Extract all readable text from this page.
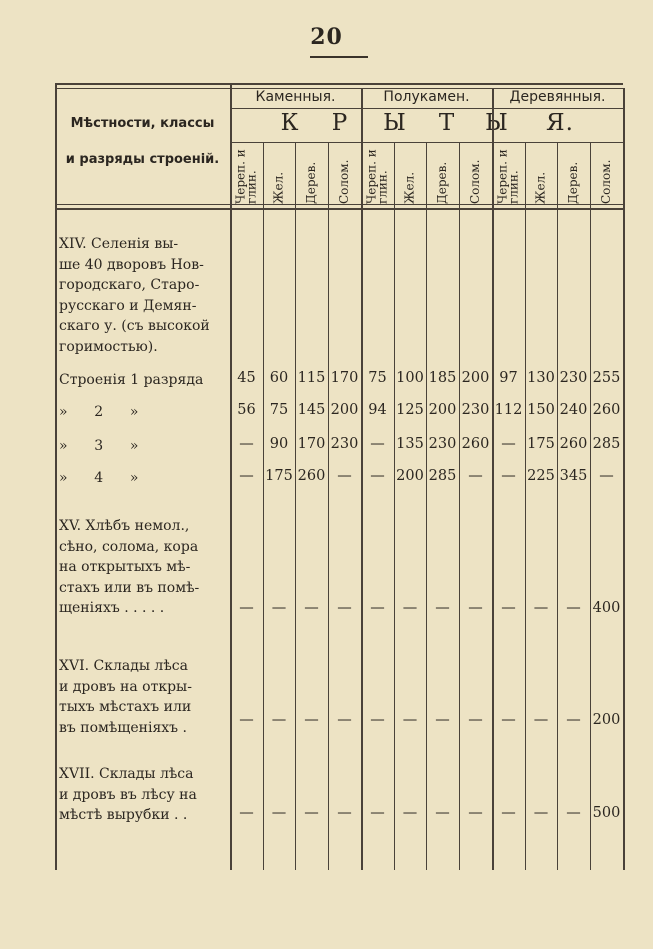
20
Мѣстности, классы
и разряды строеній.
Каменныя.	Полукамен.	Деревянныя.
К Р Ы Т Ы Я.
Череп. и глин.	Жел.	Дерев.	Солом.	Череп. и глин.	Жел.	Дерев.	Солом.	Череп. и глин.	Жел.	Дерев.	Солом.
XIV. Селенія вы-
ше 40 дворовъ Нов-
городскаго, Старо-
русскаго и Демян-
скаго у. (съ высокой
горимостью).
Строенія 1 разряда	45 60 115 170 75 100 185 200 97 130 230 255
»      2      »	56 75 145 200 94 125 200 230 112 150 240 260
»      3      »	— 90 170 230 — 135 230 260 — 175 260 285
»      4      »	— 175 260 — — 200 285 — — 225 345 —
XV. Хлѣбъ немол.,
сѣно, солома, кора
на открытыхъ мѣ-
стахъ или въ помѣ-
щеніяхъ . . . . .	— — — — — — — — — — — 400
XVI. Склады лѣса
и дровъ на откры-
тыхъ мѣстахъ или
въ помѣщеніяхъ .	— — — — — — — — — — — 200
XVII. Склады лѣса
и дровъ въ лѣсу на
мѣстѣ вырубки . .	— — — — — — — — — — — 500
